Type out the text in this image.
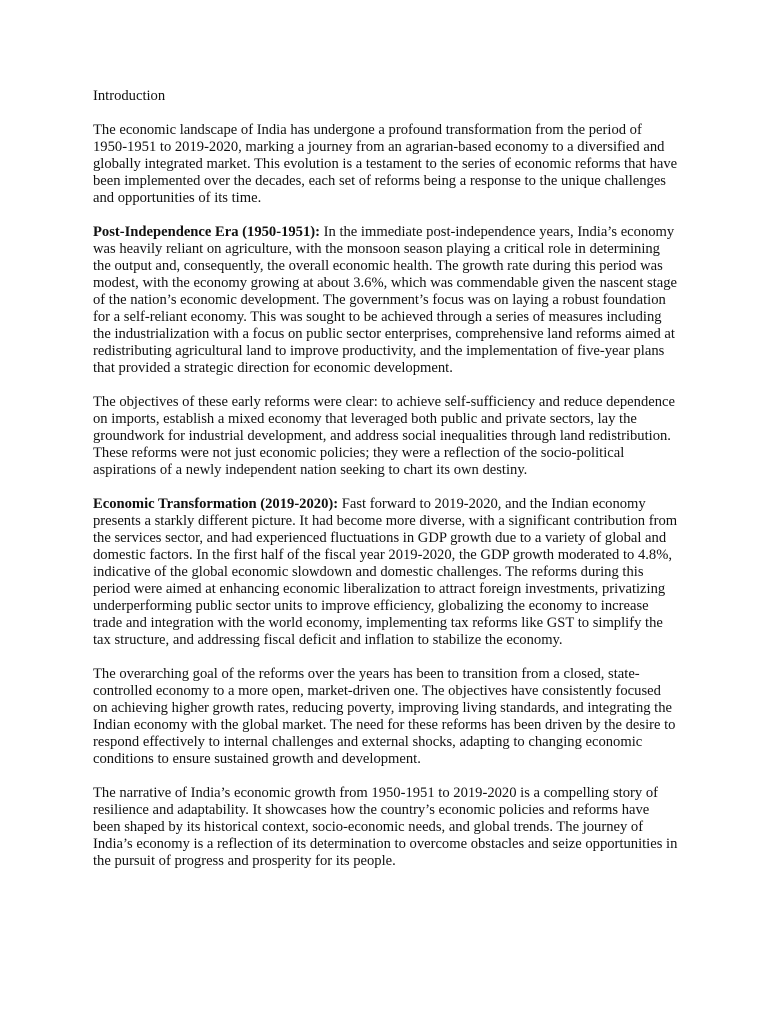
Introduction

The economic landscape of India has undergone a profound transformation from the period of 1950-1951 to 2019-2020, marking a journey from an agrarian-based economy to a diversified and globally integrated market. This evolution is a testament to the series of economic reforms that have been implemented over the decades, each set of reforms being a response to the unique challenges and opportunities of its time.

Post-Independence Era (1950-1951): In the immediate post-independence years, India’s economy was heavily reliant on agriculture, with the monsoon season playing a critical role in determining the output and, consequently, the overall economic health. The growth rate during this period was modest, with the economy growing at about 3.6%, which was commendable given the nascent stage of the nation’s economic development. The government’s focus was on laying a robust foundation for a self-reliant economy. This was sought to be achieved through a series of measures including the industrialization with a focus on public sector enterprises, comprehensive land reforms aimed at redistributing agricultural land to improve productivity, and the implementation of five-year plans that provided a strategic direction for economic development.

The objectives of these early reforms were clear: to achieve self-sufficiency and reduce dependence on imports, establish a mixed economy that leveraged both public and private sectors, lay the groundwork for industrial development, and address social inequalities through land redistribution. These reforms were not just economic policies; they were a reflection of the socio-political aspirations of a newly independent nation seeking to chart its own destiny.

Economic Transformation (2019-2020): Fast forward to 2019-2020, and the Indian economy presents a starkly different picture. It had become more diverse, with a significant contribution from the services sector, and had experienced fluctuations in GDP growth due to a variety of global and domestic factors. In the first half of the fiscal year 2019-2020, the GDP growth moderated to 4.8%, indicative of the global economic slowdown and domestic challenges. The reforms during this period were aimed at enhancing economic liberalization to attract foreign investments, privatizing underperforming public sector units to improve efficiency, globalizing the economy to increase trade and integration with the world economy, implementing tax reforms like GST to simplify the tax structure, and addressing fiscal deficit and inflation to stabilize the economy.

The overarching goal of the reforms over the years has been to transition from a closed, state-controlled economy to a more open, market-driven one. The objectives have consistently focused on achieving higher growth rates, reducing poverty, improving living standards, and integrating the Indian economy with the global market. The need for these reforms has been driven by the desire to respond effectively to internal challenges and external shocks, adapting to changing economic conditions to ensure sustained growth and development.

The narrative of India’s economic growth from 1950-1951 to 2019-2020 is a compelling story of resilience and adaptability. It showcases how the country’s economic policies and reforms have been shaped by its historical context, socio-economic needs, and global trends. The journey of India’s economy is a reflection of its determination to overcome obstacles and seize opportunities in the pursuit of progress and prosperity for its people.
